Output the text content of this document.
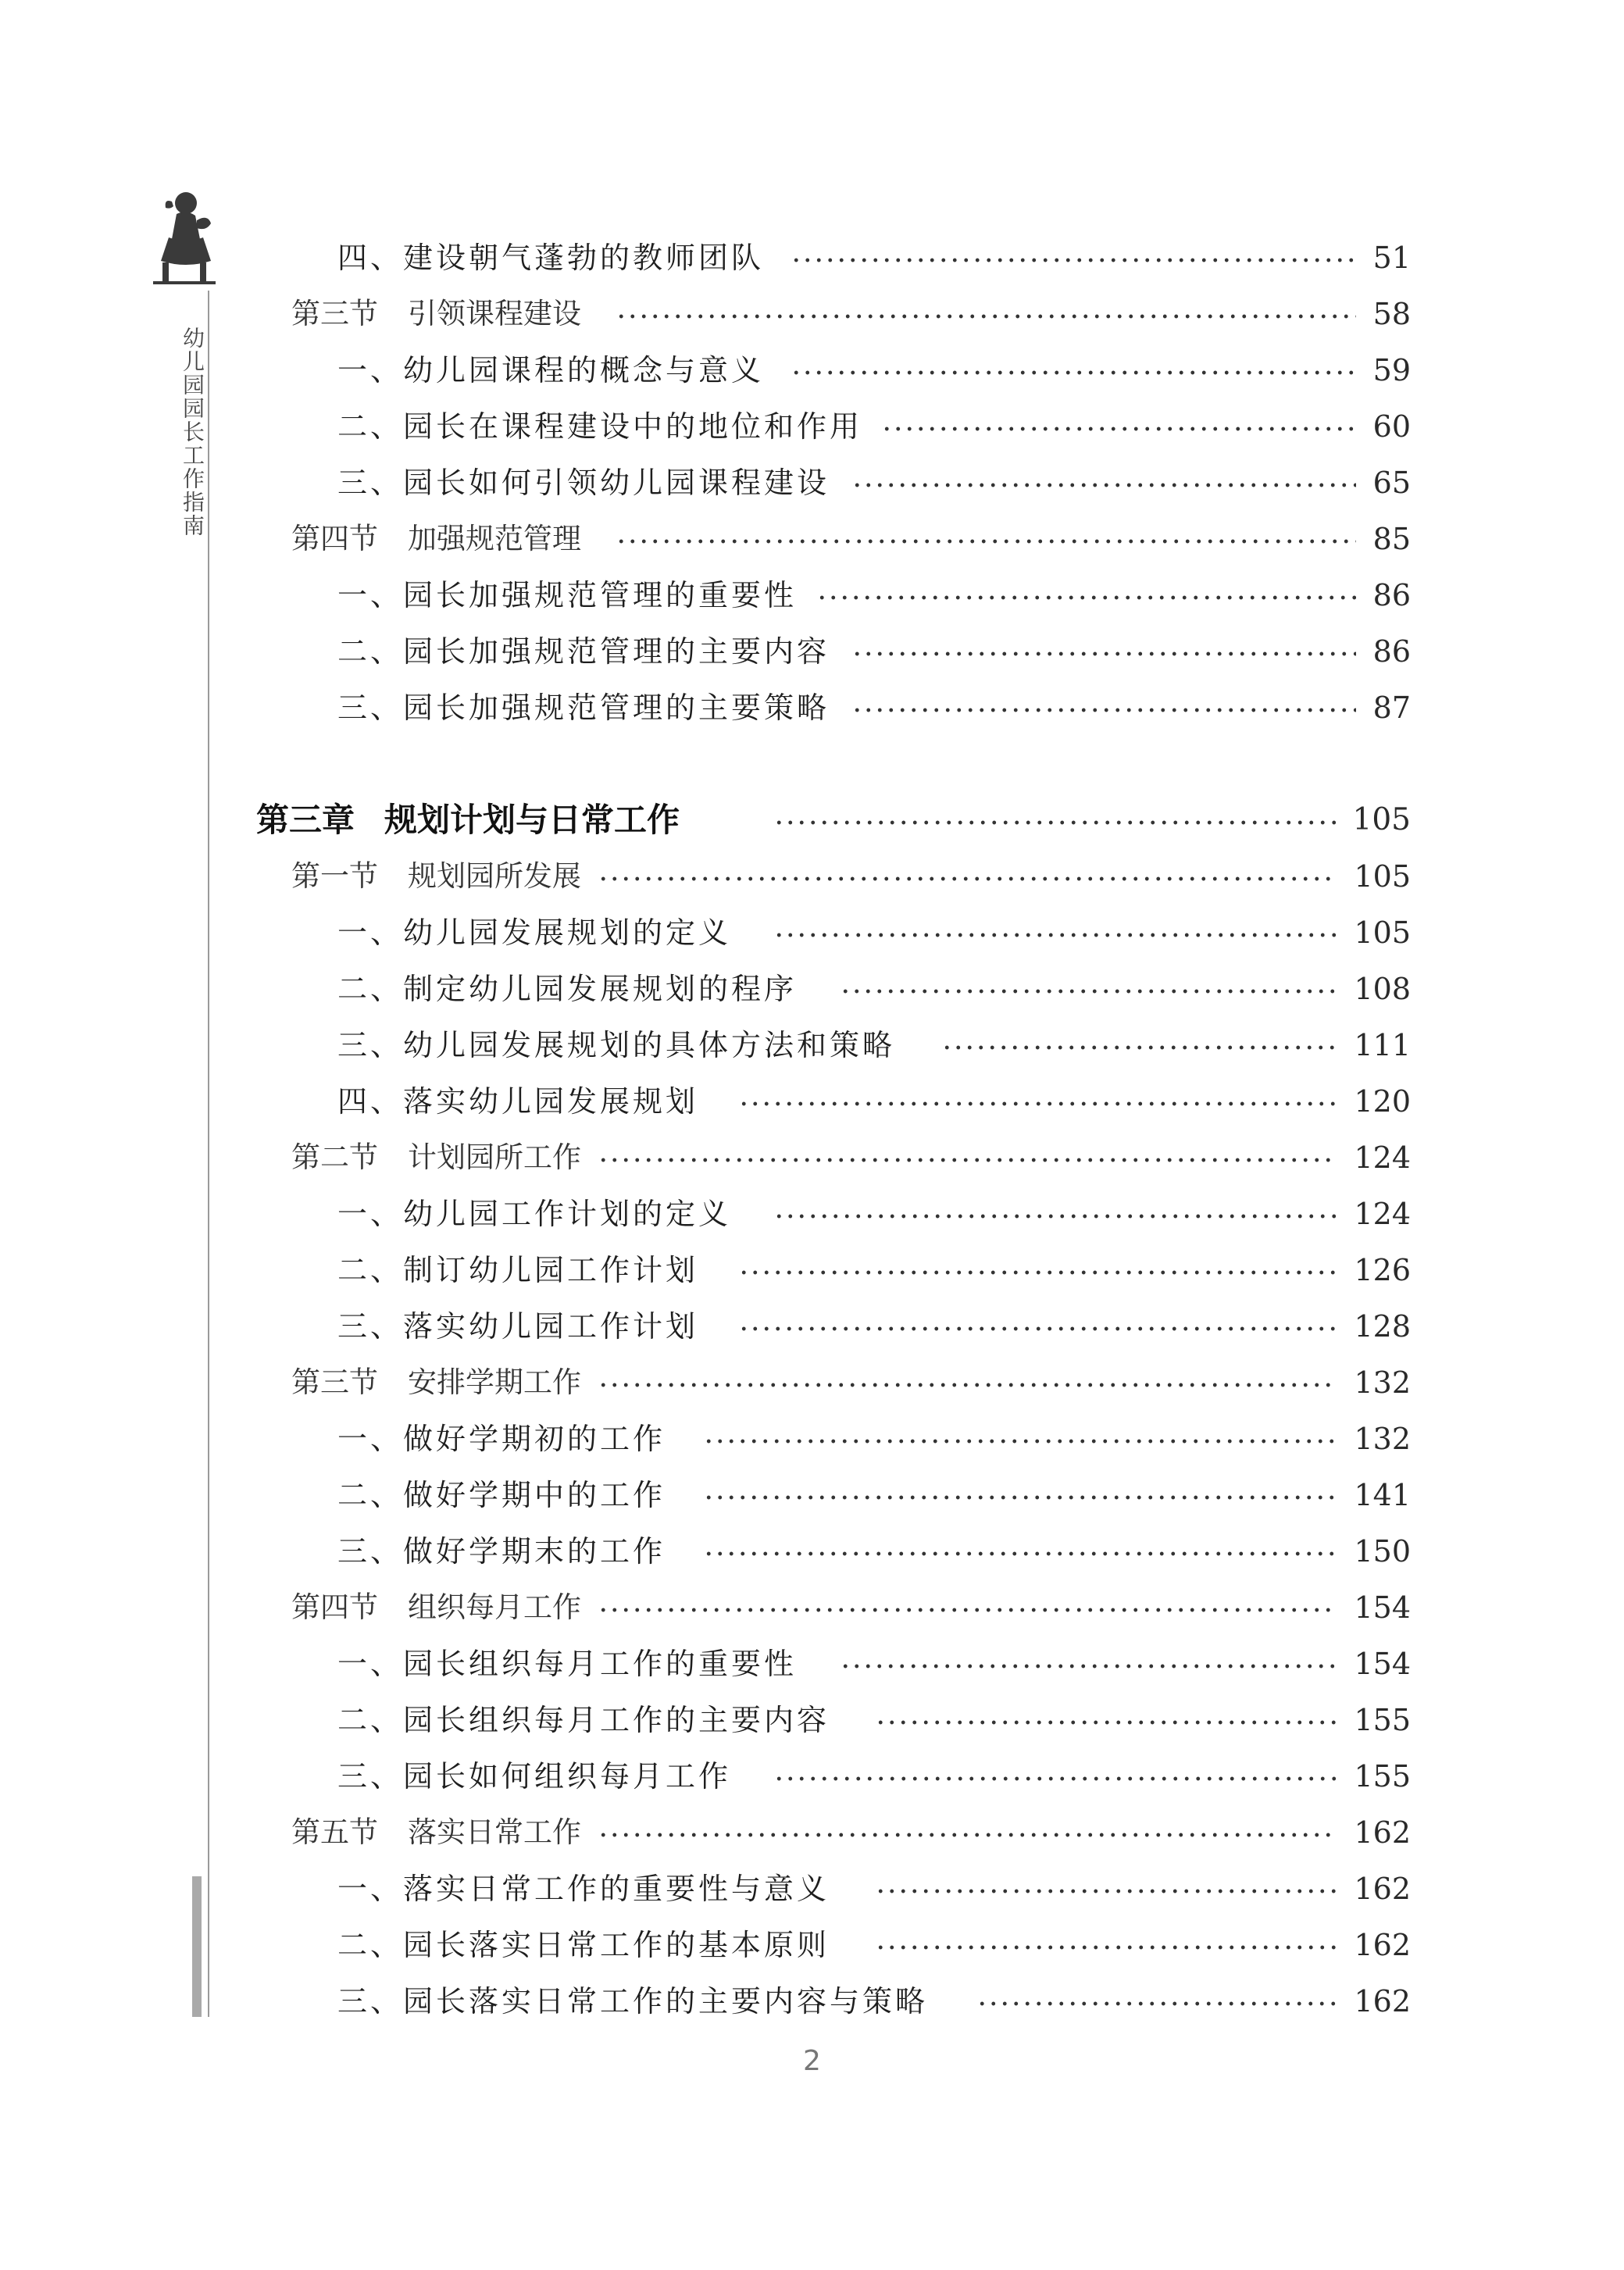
幼儿园园长工作指南
四、建设朝气蓬勃的教师团队	51
第三节 引领课程建设	58
一、幼儿园课程的概念与意义	59
二、园长在课程建设中的地位和作用	60
三、园长如何引领幼儿园课程建设	65
第四节 加强规范管理	85
一、园长加强规范管理的重要性	86
二、园长加强规范管理的主要内容	86
三、园长加强规范管理的主要策略	87
第三章 规划计划与日常工作	105
第一节 规划园所发展	105
一、幼儿园发展规划的定义	105
二、制定幼儿园发展规划的程序	108
三、幼儿园发展规划的具体方法和策略	111
四、落实幼儿园发展规划	120
第二节 计划园所工作	124
一、幼儿园工作计划的定义	124
二、制订幼儿园工作计划	126
三、落实幼儿园工作计划	128
第三节 安排学期工作	132
一、做好学期初的工作	132
二、做好学期中的工作	141
三、做好学期末的工作	150
第四节 组织每月工作	154
一、园长组织每月工作的重要性	154
二、园长组织每月工作的主要内容	155
三、园长如何组织每月工作	155
第五节 落实日常工作	162
一、落实日常工作的重要性与意义	162
二、园长落实日常工作的基本原则	162
三、园长落实日常工作的主要内容与策略	162
2
